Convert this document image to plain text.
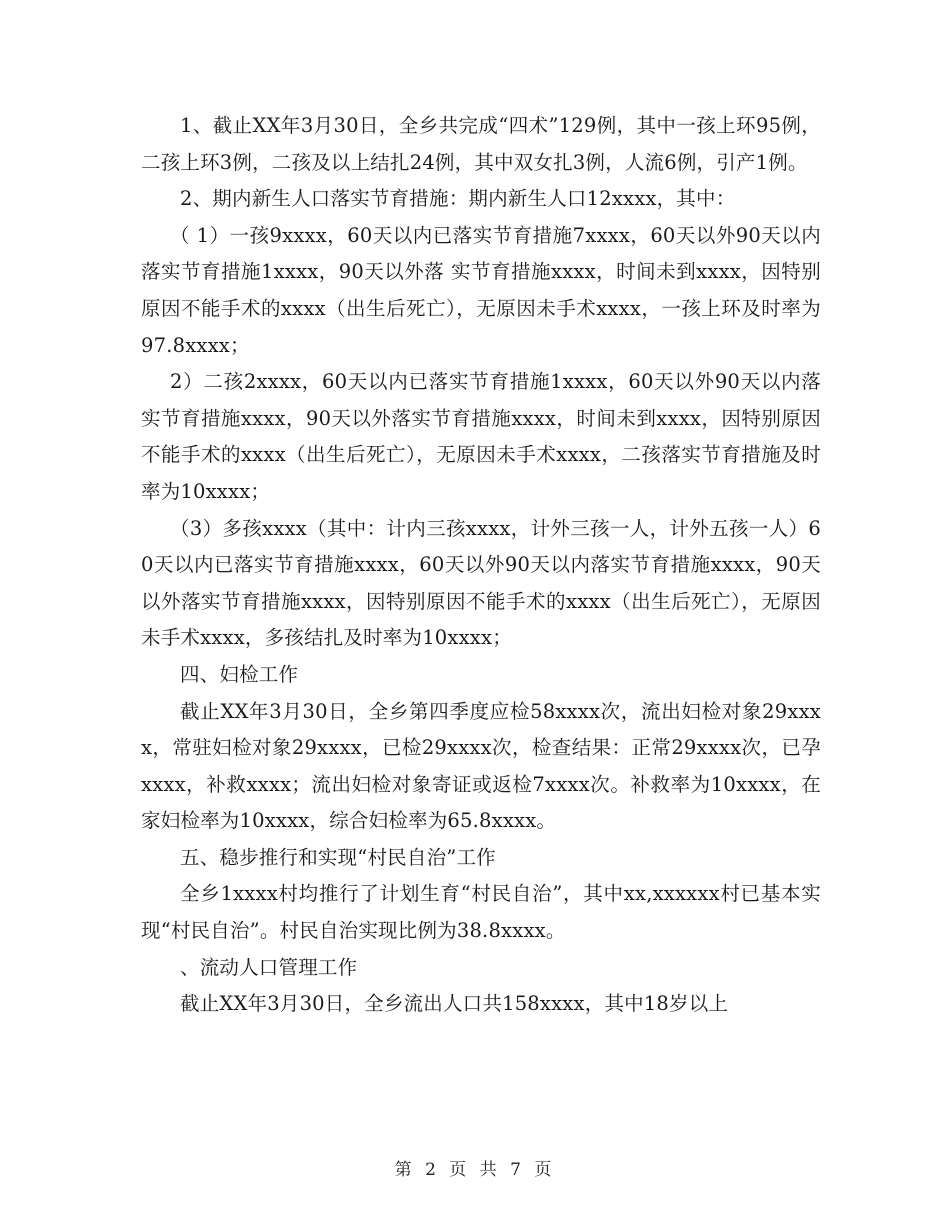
1、截止XX年3月30日，全乡共完成“四术”129例，其中一孩上环95例，二孩上环3例，二孩及以上结扎24例，其中双女扎3例，人流6例，引产1例。

2、期内新生人口落实节育措施：期内新生人口12xxxx，其中：

（ 1）一孩9xxxx，60天以内已落实节育措施7xxxx，60天以外90天以内落实节育措施1xxxx，90天以外落 实节育措施xxxx，时间未到xxxx，因特别原因不能手术的xxxx（出生后死亡），无原因未手术xxxx，一孩上环及时率为97.8xxxx；

2）二孩2xxxx，60天以内已落实节育措施1xxxx，60天以外90天以内落实节育措施xxxx，90天以外落实节育措施xxxx，时间未到xxxx，因特别原因不能手术的xxxx（出生后死亡），无原因未手术xxxx，二孩落实节育措施及时率为10xxxx；

（3）多孩xxxx（其中：计内三孩xxxx，计外三孩一人，计外五孩一人）60天以内已落实节育措施xxxx，60天以外90天以内落实节育措施xxxx，90天以外落实节育措施xxxx，因特别原因不能手术的xxxx（出生后死亡），无原因未手术xxxx，多孩结扎及时率为10xxxx；

四、妇检工作

截止XX年3月30日，全乡第四季度应检58xxxx次，流出妇检对象29xxxx，常驻妇检对象29xxxx，已检29xxxx次，检查结果：正常29xxxx次，已孕xxxx，补救xxxx；流出妇检对象寄证或返检7xxxx次。补救率为10xxxx，在家妇检率为10xxxx，综合妇检率为65.8xxxx。

五、稳步推行和实现“村民自治”工作

全乡1xxxx村均推行了计划生育“村民自治”，其中xx,xxxxxx村已基本实现“村民自治”。村民自治实现比例为38.8xxxx。

、流动人口管理工作

截止XX年3月30日，全乡流出人口共158xxxx，其中18岁以上

第 2 页 共 7 页
